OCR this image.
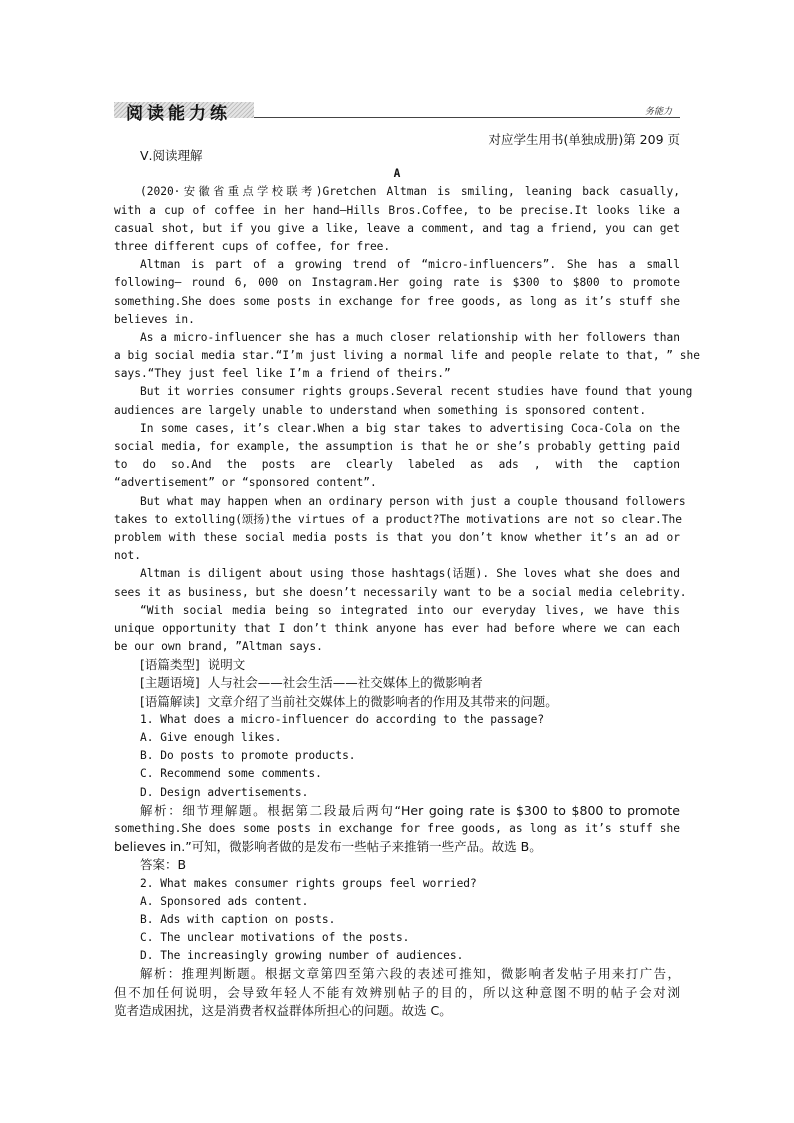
阅读能力练	务能力
对应学生用书(单独成册)第 209 页
Ⅴ.阅读理解
A
(2020·安徽省重点学校联考)Gretchen Altman is smiling, leaning back casually,
with a cup of coffee in her hand—Hills Bros.Coffee, to be precise.It looks like a
casual shot, but if you give a like, leave a comment, and tag a friend, you can get
three different cups of coffee, for free.
Altman is part of a growing trend of “micro-influencers”. She has a small
following— round 6, 000 on Instagram.Her going rate is $300 to $800 to promote
something.She does some posts in exchange for free goods, as long as it’s stuff she
believes in.
As a micro-influencer she has a much closer relationship with her followers than
a big social media star.“I’m just living a normal life and people relate to that, ” she
says.“They just feel like I’m a friend of theirs.”
But it worries consumer rights groups.Several recent studies have found that young
audiences are largely unable to understand when something is sponsored content.
In some cases, it’s clear.When a big star takes to advertising Coca-Cola on the
social media, for example, the assumption is that he or she’s probably getting paid
to do so.And the posts are clearly labeled as ads , with the caption
“advertisement” or “sponsored content”.
But what may happen when an ordinary person with just a couple thousand followers
takes to extolling(颂扬)the virtues of a product?The motivations are not so clear.The
problem with these social media posts is that you don’t know whether it’s an ad or
not.
Altman is diligent about using those hashtags(话题). She loves what she does and
sees it as business, but she doesn’t necessarily want to be a social media celebrity.
“With social media being so integrated into our everyday lives, we have this
unique opportunity that I don’t think anyone has ever had before where we can each
be our own brand, ”Altman says.
[语篇类型] 说明文
[主题语境] 人与社会——社会生活——社交媒体上的微影响者
[语篇解读] 文章介绍了当前社交媒体上的微影响者的作用及其带来的问题。
1. What does a micro-influencer do according to the passage?
A. Give enough likes.
B. Do posts to promote products.
C. Recommend some comments.
D. Design advertisements.
解析：细节理解题。根据第二段最后两句“Her going rate is $300 to $800 to promote
something.She does some posts in exchange for free goods, as long as it’s stuff she
believes in.”可知，微影响者做的是发布一些帖子来推销一些产品。故选 B。
答案：B
2. What makes consumer rights groups feel worried?
A. Sponsored ads content.
B. Ads with caption on posts.
C. The unclear motivations of the posts.
D. The increasingly growing number of audiences.
解析：推理判断题。根据文章第四至第六段的表述可推知，微影响者发帖子用来打广告，
但不加任何说明，会导致年轻人不能有效辨别帖子的目的，所以这种意图不明的帖子会对浏
览者造成困扰，这是消费者权益群体所担心的问题。故选 C。
